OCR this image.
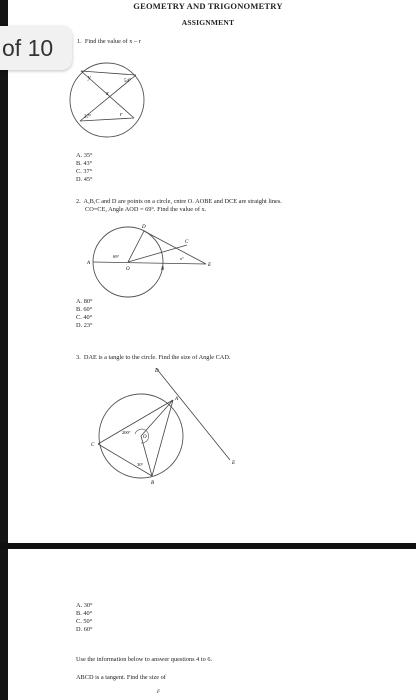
of 10
GEOMETRY AND TRIGONOMETRY
ASSIGNMENT
1. Find the value of x – r
y
54°
x
37°	r
A. 35°
B. 43°
C. 37°
D. 45°
2. A,B,C and D are points on a circle, cntre O. AOBE and DCE are straight lines.
CO=CE, Angle AOD = 69°. Find the value of x.
D
C
A
O	B
E
69°	x°
A. 80°
B. 60°
C. 40°
D. 23°
3. DAE is a tangle to the circle. Find the size of Angle CAD.
D
A
O
C
B
E
200°
30°
A. 30°
B. 40°
C. 50°
D. 60°
Use the information below to answer questions 4 to 6.
ABCD is a tangent. Find the size of
F
